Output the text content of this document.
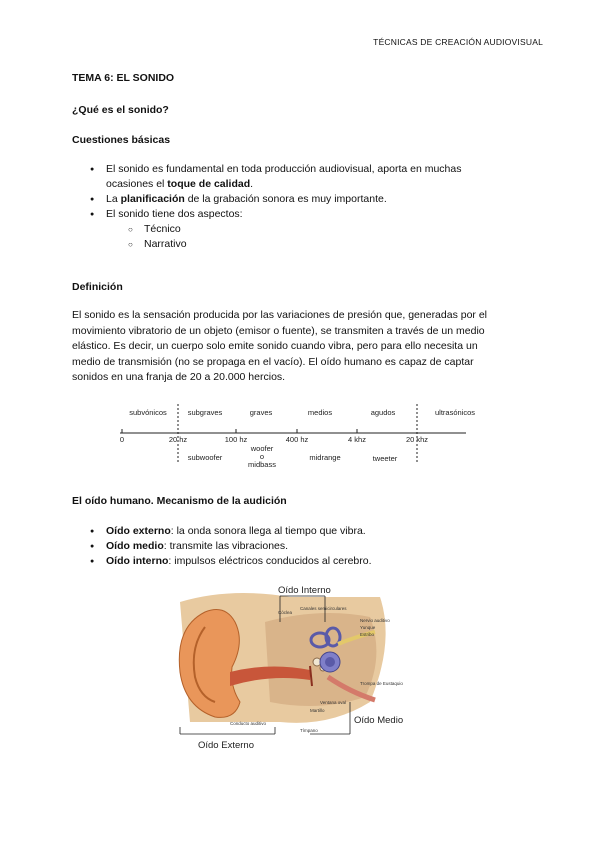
TÉCNICAS DE CREACIÓN AUDIOVISUAL
TEMA 6: EL SONIDO
¿Qué es el sonido?
Cuestiones básicas
● El sonido es fundamental en toda producción audiovisual, aporta en muchas
ocasiones el toque de calidad.
● La planificación de la grabación sonora es muy importante.
● El sonido tiene dos aspectos:
○ Técnico
○ Narrativo
Definición
El sonido es la sensación producida por las variaciones de presión que, generadas por el
movimiento vibratorio de un objeto (emisor o fuente), se transmiten a través de un medio
elástico. Es decir, un cuerpo solo emite sonido cuando vibra, pero para ello necesita un
medio de transmisión (no se propaga en el vacío). El oído humano es capaz de captar
sonidos en una franja de 20 a 20.000 hercios.
subvónicos	subgraves	graves	medios	agudos	ultrasónicos
0	20 hz	100 hz	400 hz	4 khz	20 khz
subwoofer
woofer
o
midbass
midrange	tweeter
El oído humano. Mecanismo de la audición
● Oído externo: la onda sonora llega al tiempo que vibra.
● Oído medio: transmite las vibraciones.
● Oído interno: impulsos eléctricos conducidos al cerebro.
Cóclea
Canales semicirculares
Nervio auditivo
Yunque
Estribo
Martillo
Tímpano
Trompa de Eustaquio
Ventana oval
Conducto auditivo
Oído Interno
Oído Medio
Oído Externo
